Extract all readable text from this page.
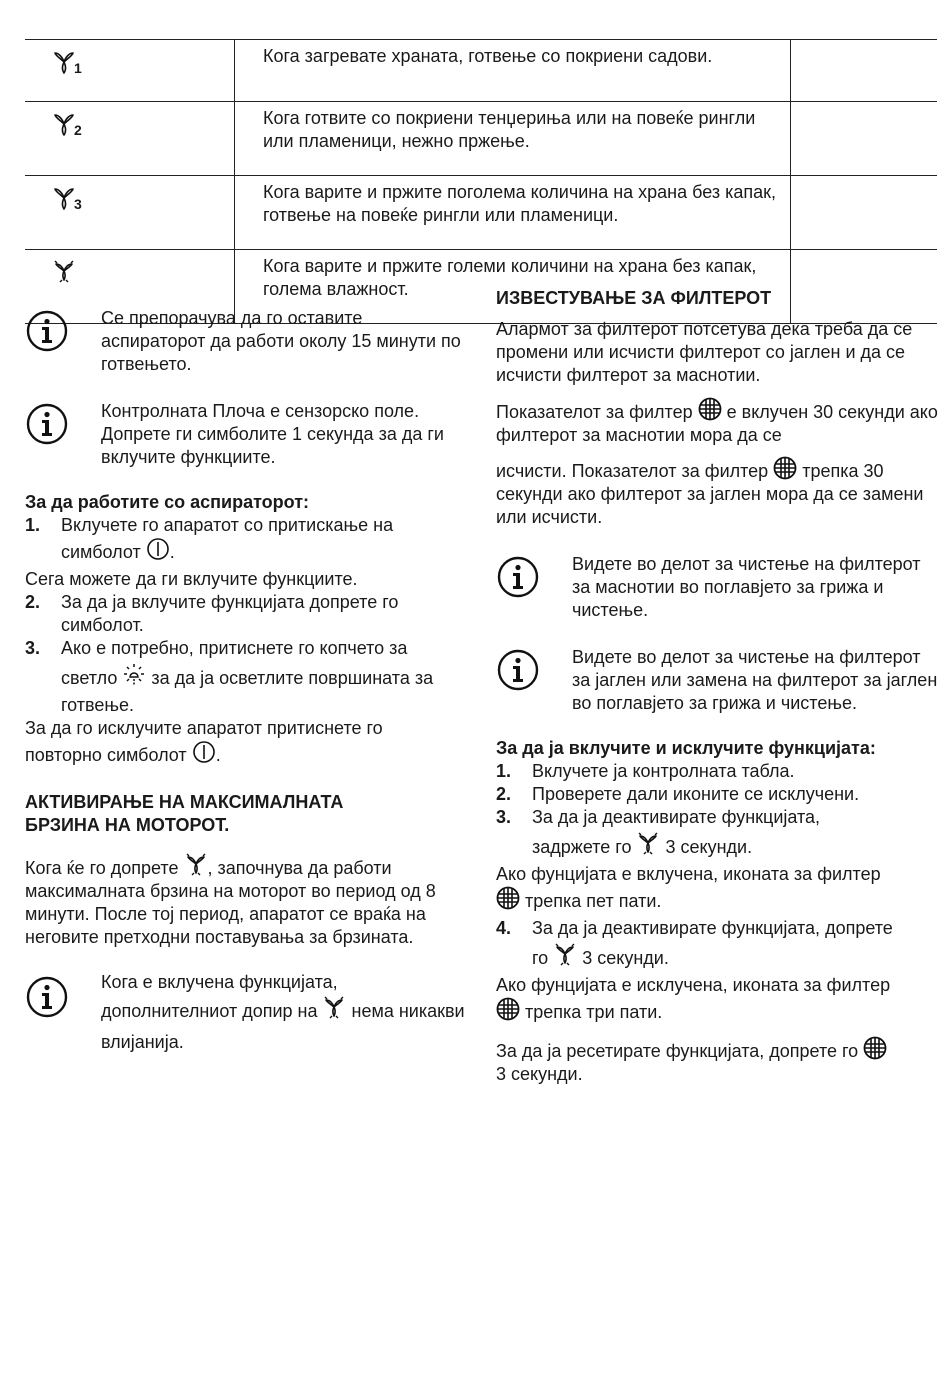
1	Кога загревате храната, готвење со покриени садови.	

2	Кога готвите со покриени тенџериња или на повеќе рингли или пламеници, нежно пржење.	

3	Кога варите и пржите поголема количина на храна без капак, готвење на повеќе рингли или пламеници.	
	Кога варите и пржите големи количини на храна без капак, голема влажност.	

Се препорачува да го оставите аспираторот да работи околу 15 минути по готвењето.

Контролната Плоча е сензорско поле. Допрете ги симболите 1 секунда за да ги вклучите функциите.

За да работите со аспираторот:

1.	Вклучете го апаратот со притискање на
симболот .

Сега можете да ги вклучите функциите.

2.	За да ја вклучите функцијата допрете го симболот.
3.	Ако е потребно, притиснете го копчето за
светло за да ја осветлите површината за готвење.

За да го исклучите апаратот притиснете го

повторно симболот .

АКТИВИРАЊЕ НА МАКСИМАЛНАТА

БРЗИНА НА МОТОРОТ.

Кога ќе го допрете , започнува да работи максималната брзина на моторот во период од 8 минути. После тој период, апаратот се враќа на неговите претходни поставувања за брзината.

Кога е вклучена функцијата,

дополнителниот допир на нема никакви влијанија.

ИЗВЕСТУВАЊЕ ЗА ФИЛТЕРОТ

Алармот за филтерот потсетува дека треба да се промени или исчисти филтерот со јаглен и да се исчисти филтерот за маснотии.

Показателот за филтер е вклучен 30 секунди ако филтерот за маснотии мора да се

исчисти. Показателот за филтер трепка 30 секунди ако филтерот за јаглен мора да се замени или исчисти.

Видете во делот за чистење на филтерот за маснотии во поглавјето за грижа и чистење.

Видете во делот за чистење на филтерот за јаглен или замена на филтерот за јаглен во поглавјето за грижа и чистење.

За да ја вклучите и исклучите функцијата:

1.	Вклучете ја контролната табла.
2.	Проверете дали иконите се исклучени.
3.	За да ја деактивирате функцијата,
задржете го 3 секунди.

Ако фунцијата е вклучена, иконата за филтер

трепка пет пати.

4.	За да ја деактивирате функцијата, допрете
го 3 секунди.

Ако фунцијата е исклучена, иконата за филтер

трепка три пати.

За да ја ресетирате функцијата, допрете го
3 секунди.
